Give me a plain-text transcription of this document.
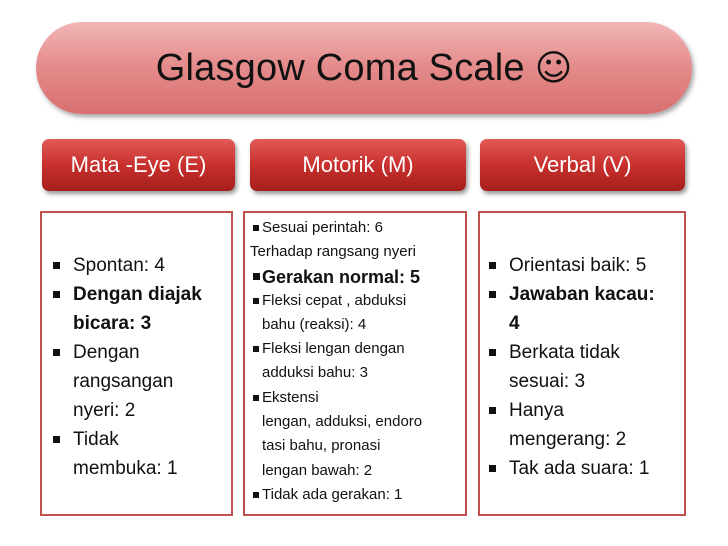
Glasgow Coma Scale ☺
Mata -Eye (E)	Motorik (M)	Verbal (V)
Spontan: 4
Dengan diajak
bicara: 3
Dengan
rangsangan
nyeri: 2
Tidak
membuka: 1
Sesuai perintah: 6
Terhadap rangsang nyeri
Gerakan normal: 5
Fleksi cepat , abduksi
bahu (reaksi): 4
Fleksi lengan dengan
adduksi bahu: 3
Ekstensi
lengan, adduksi, endoro
tasi bahu, pronasi
lengan bawah: 2
Tidak ada gerakan: 1
Orientasi baik: 5
Jawaban kacau:
4
Berkata tidak
sesuai: 3
Hanya
mengerang: 2
Tak ada suara: 1
